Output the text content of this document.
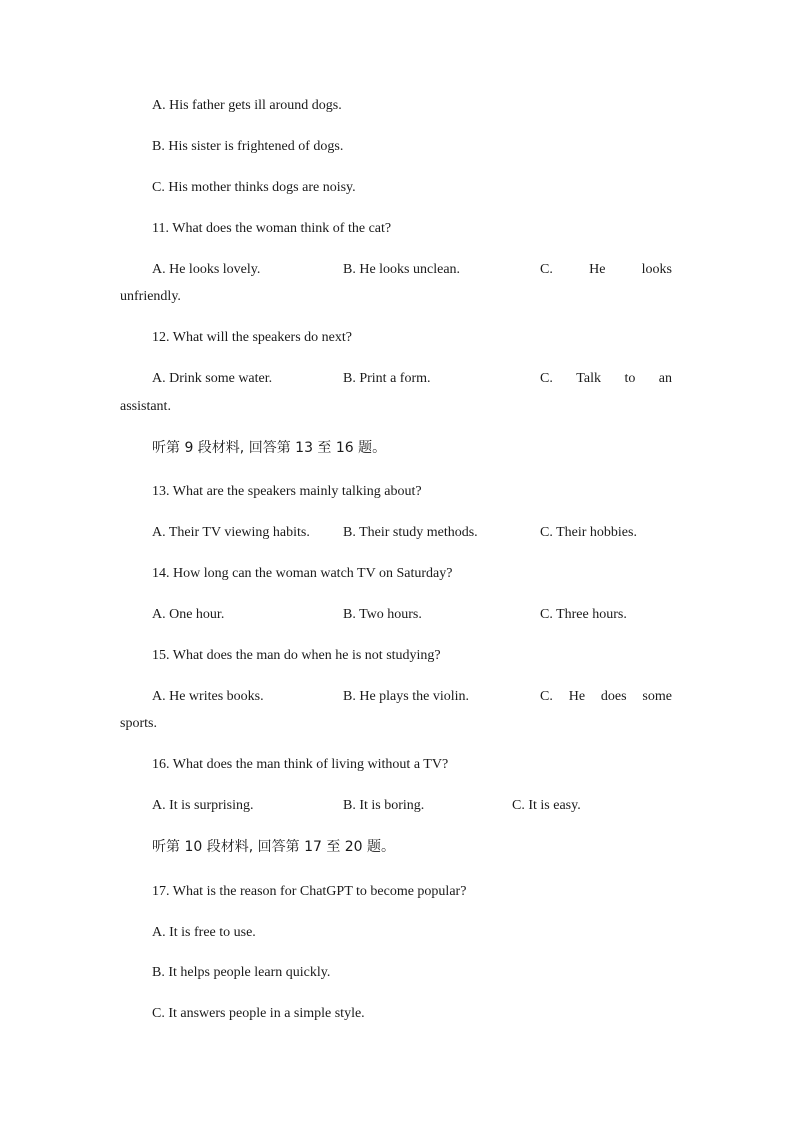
A. His father gets ill around dogs.
B. His sister is frightened of dogs.
C. His mother thinks dogs are noisy.
11. What does the woman think of the cat?
A. He looks lovely.	B. He looks unclean.	C.	He	looks
unfriendly.
12. What will the speakers do next?
A. Drink some water.	B. Print a form.	C. Talk to an
assistant.
听第 9 段材料, 回答第 13 至 16 题。
13. What are the speakers mainly talking about?
A. Their TV viewing habits. B. Their study methods.	C. Their hobbies.
14. How long can the woman watch TV on Saturday?
A. One hour.	B. Two hours.	C. Three hours.
15. What does the man do when he is not studying?
A. He writes books.	B. He plays the violin.	C. He does some
sports.
16. What does the man think of living without a TV?
A. It is surprising.	B. It is boring.	C. It is easy.
听第 10 段材料, 回答第 17 至 20 题。
17. What is the reason for ChatGPT to become popular?
A. It is free to use.
B. It helps people learn quickly.
C. It answers people in a simple style.
